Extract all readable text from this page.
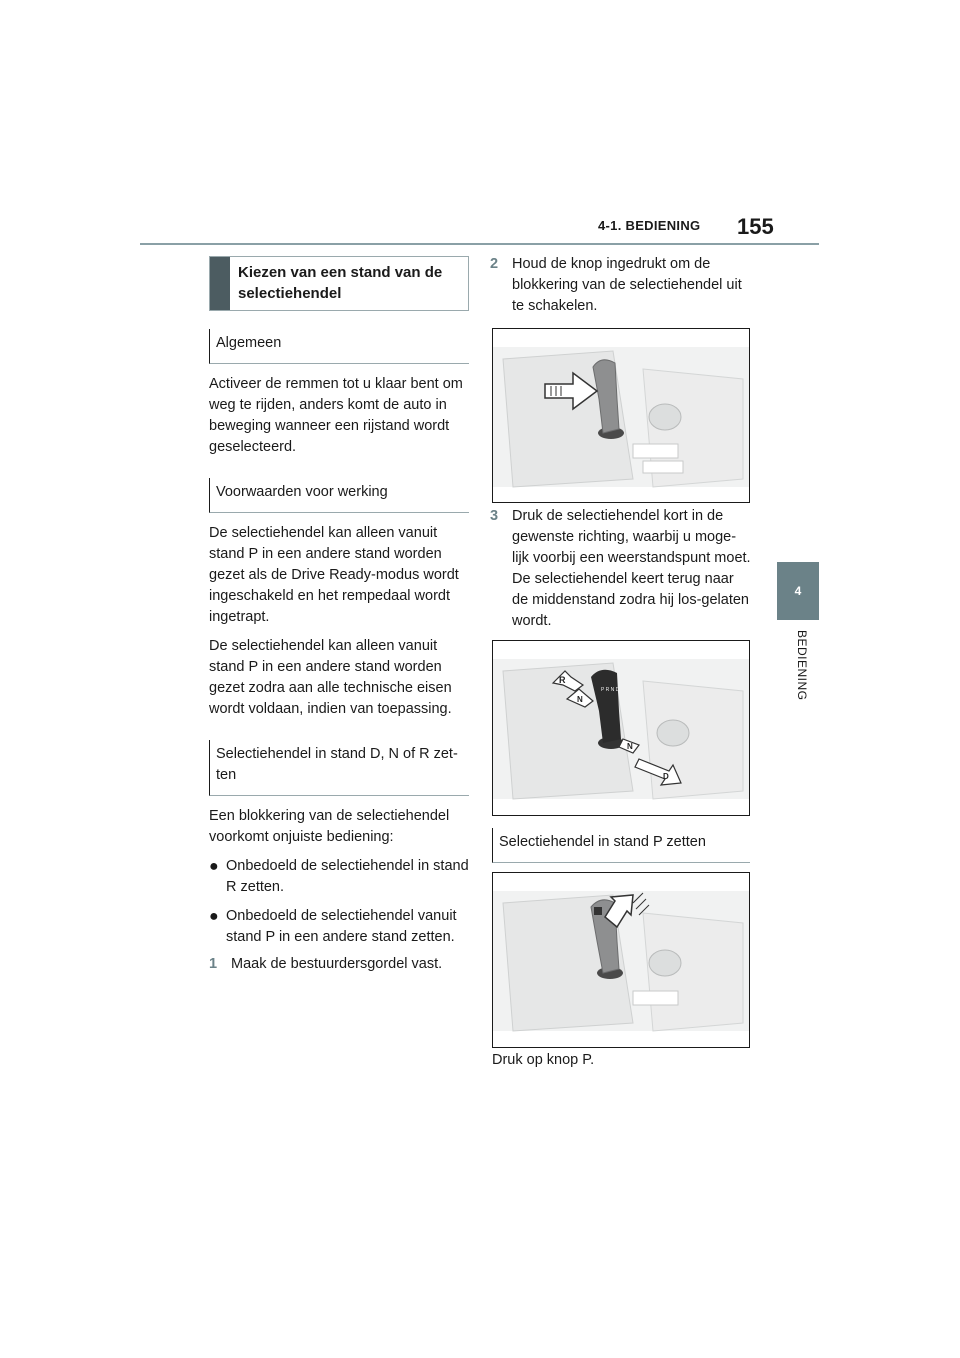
4-1. BEDIENING 155
4
BEDIENING
Kiezen van een stand van de selectiehendel
Algemeen

Activeer de remmen tot u klaar bent om weg te rijden, anders komt de auto in beweging wanneer een rijstand wordt geselecteerd.

Voorwaarden voor werking

De selectiehendel kan alleen vanuit stand P in een andere stand worden gezet als de Drive Ready-modus wordt ingeschakeld en het rempedaal wordt ingetrapt.

De selectiehendel kan alleen vanuit stand P in een andere stand worden gezet zodra aan alle technische eisen wordt voldaan, indien van toepassing.

Selectiehendel in stand D, N of R zet-ten

Een blokkering van de selectiehendel voorkomt onjuiste bediening:

● Onbedoeld de selectiehendel in stand R zetten.
● Onbedoeld de selectiehendel vanuit stand P in een andere stand zetten.
1 Maak de bestuurdersgordel vast.
2 Houd de knop ingedrukt om de blokkering van de selectiehendel uit te schakelen.
3 Druk de selectiehendel kort in de gewenste richting, waarbij u moge-lijk voorbij een weerstandspunt moet. De selectiehendel keert terug naar de middenstand zodra hij los-gelaten wordt.
P R N D
R
N
N
D
Selectiehendel in stand P zetten
Druk op knop P.
